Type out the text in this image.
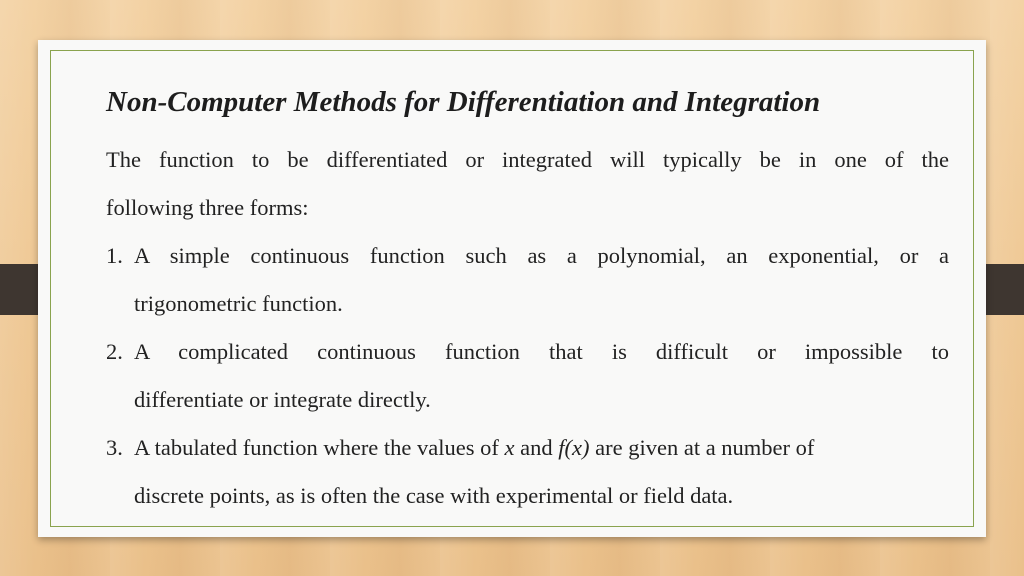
Non-Computer Methods for Differentiation and Integration
The function to be differentiated or integrated will typically be in one of the
following three forms:
1. A simple continuous function such as a polynomial, an exponential, or a
trigonometric function.
2. A complicated continuous function that is difficult or impossible to
differentiate or integrate directly.
3. A tabulated function where the values of x and f(x) are given at a number of
discrete points, as is often the case with experimental or field data.
